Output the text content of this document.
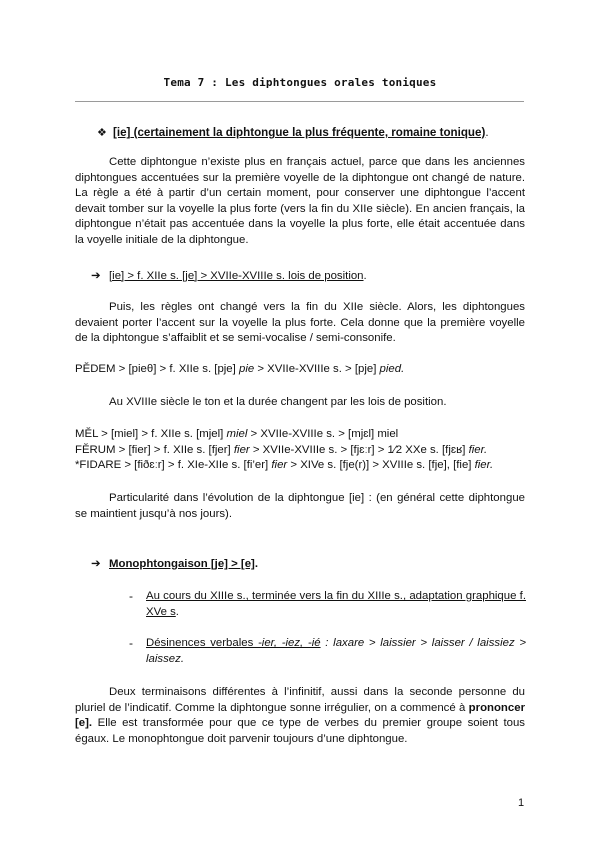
Tema 7 : Les diphtongues orales toniques
❖ [ie] (certainement la diphtongue la plus fréquente, romaine tonique).
Cette diphtongue n’existe plus en français actuel, parce que dans les anciennes diphtongues accentuées sur la première voyelle de la diphtongue ont changé de nature. La règle a été à partir d’un certain moment, pour conserver une diphtongue l’accent devait tomber sur la voyelle la plus forte (vers la fin du XIIe siècle). En ancien français, la diphtongue n’était pas accentuée dans la voyelle la plus forte, elle était accentuée dans la voyelle initiale de la diphtongue.
➔ [ie] > f. XIIe s. [je] > XVIIe-XVIIIe s. lois de position.
Puis, les règles ont changé vers la fin du XIIe siècle. Alors, les diphtongues devaient porter l’accent sur la voyelle la plus forte. Cela donne que la première voyelle de la diphtongue s’affaiblit et se semi-vocalise / semi-consonife.
PĔDEM > [pieθ] > f. XIIe s. [pje] pie > XVIIe-XVIIIe s. > [pje] pied.
Au XVIIIe siècle le ton et la durée changent par les lois de position.
MĔL > [miel] > f. XIIe s. [mjel] miel > XVIIe-XVIIIe s. > [mjɛl] miel
FĔRUM > [fier] > f. XIIe s. [fjer] fier > XVIIe-XVIIIe s. > [fjɛːr] > 1⁄2 XXe s. [fjɛʁ] fier.
*FIDARE > [fiðɛːr] > f. XIe-XIIe s. [fi’er] fier > XIVe s. [fje(r)] > XVIIIe s. [fje], [fie] fier.
Particularité dans l’évolution de la diphtongue [ie] : (en général cette diphtongue se maintient jusqu’à nos jours).
➔ Monophtongaison [je] > [e].
- Au cours du XIIIe s., terminée vers la fin du XIIIe s., adaptation graphique f. XVe s.
- Désinences verbales -ier, -iez, -ié : laxare > laissier > laisser / laissiez > laissez.
Deux terminaisons différentes à l’infinitif, aussi dans la seconde personne du pluriel de l’indicatif. Comme la diphtongue sonne irrégulier, on a commencé à prononcer [e]. Elle est transformée pour que ce type de verbes du premier groupe soient tous égaux. Le monophtongue doit parvenir toujours d’une diphtongue.
1
